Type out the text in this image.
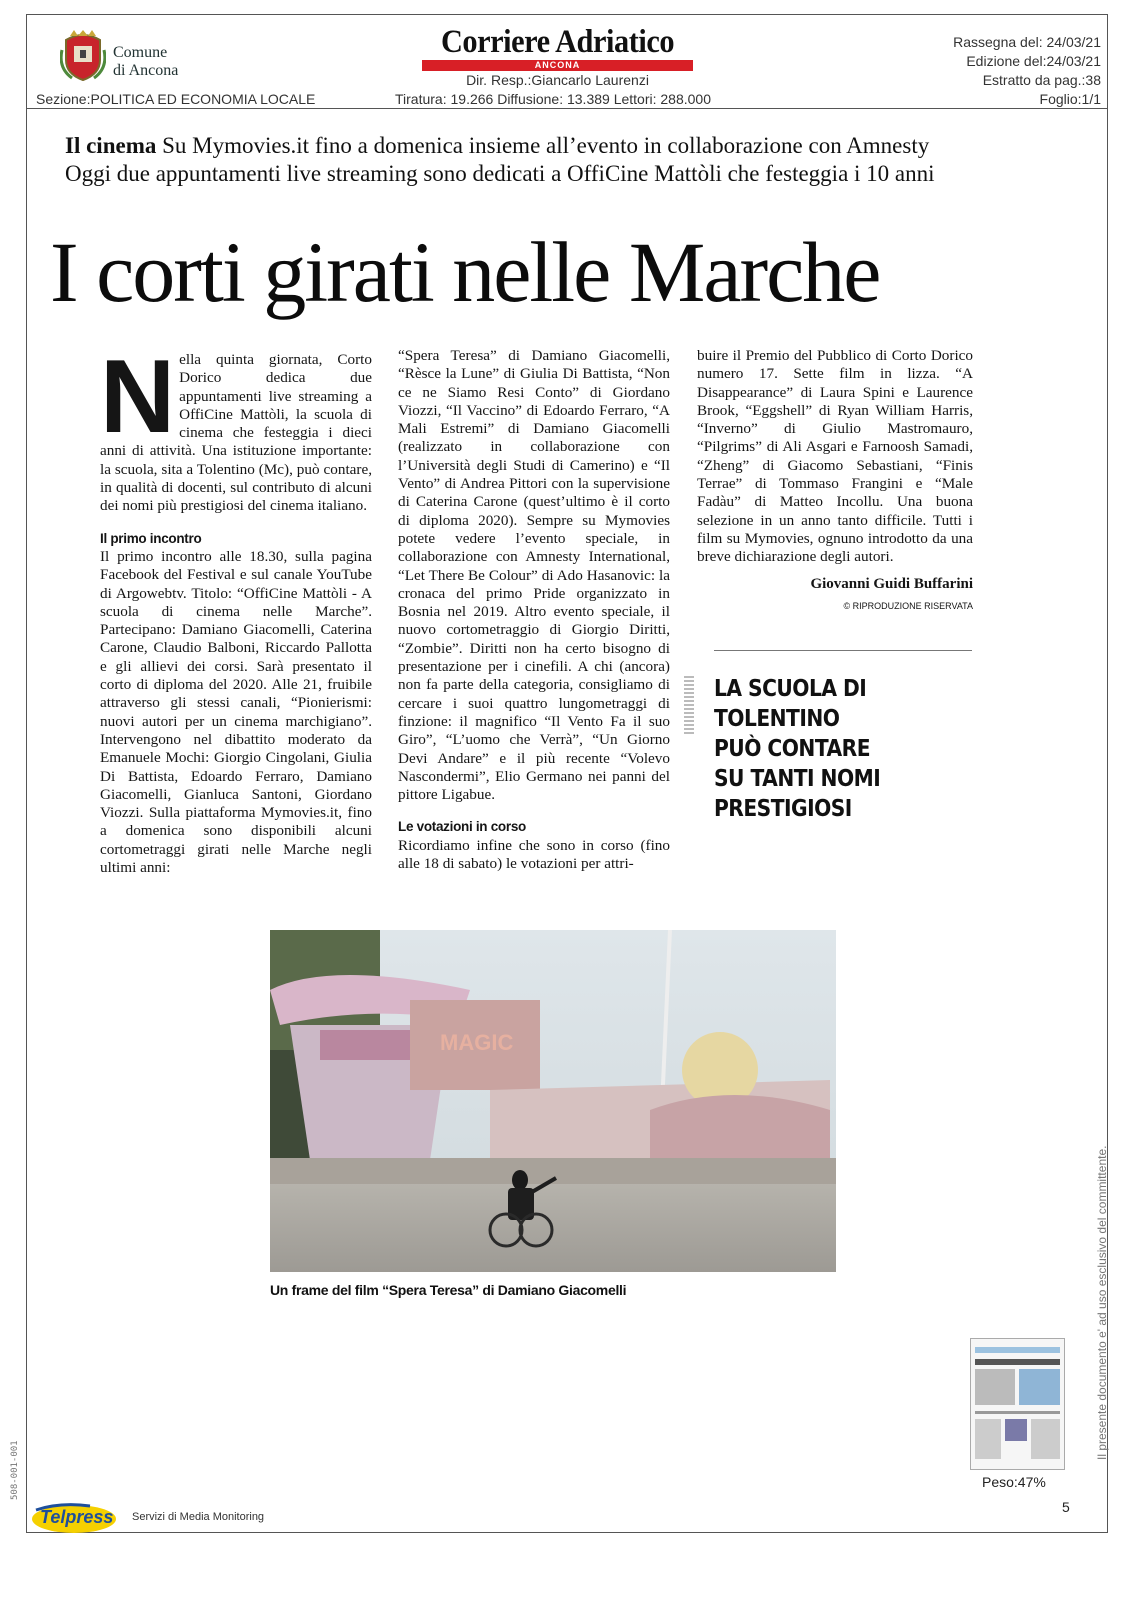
Comune
di Ancona
Sezione:POLITICA ED ECONOMIA LOCALE
Corriere Adriatico
ANCONA
Dir. Resp.:Giancarlo Laurenzi
Tiratura: 19.266 Diffusione: 13.389 Lettori: 288.000
Rassegna del: 24/03/21
Edizione del:24/03/21
Estratto da pag.:38
Foglio:1/1
Il cinema Su Mymovies.it fino a domenica insieme all’evento in collaborazione con Amnesty
Oggi due appuntamenti live streaming sono dedicati a OffiCine Mattòli che festeggia i 10 anni
I corti girati nelle Marche

Nella quinta giornata, Corto Dorico dedica due appuntamenti live streaming a OffiCine Mattòli, la scuola di cinema che festeggia i dieci anni di attività. Una istituzione importante: la scuola, sita a Tolentino (Mc), può contare, in qualità di docenti, sul contributo di alcuni dei nomi più prestigiosi del cinema italiano.

Il primo incontro

Il primo incontro alle 18.30, sulla pagina Facebook del Festival e sul canale YouTube di Argowebtv. Titolo: “OffiCine Mattòli - A scuola di cinema nelle Marche”. Partecipano: Damiano Giacomelli, Caterina Carone, Claudio Balboni, Riccardo Pallotta e gli allievi dei corsi. Sarà presentato il corto di diploma del 2020. Alle 21, fruibile attraverso gli stessi canali, “Pionierismi: nuovi autori per un cinema marchigiano”. Intervengono nel dibattito moderato da Emanuele Mochi: Giorgio Cingolani, Giulia Di Battista, Edoardo Ferraro, Damiano Giacomelli, Gianluca Santoni, Giordano Viozzi. Sulla piattaforma Mymovies.it, fino a domenica sono disponibili alcuni cortometraggi girati nelle Marche negli ultimi anni:

“Spera Teresa” di Damiano Giacomelli, “Rèsce la Lune” di Giulia Di Battista, “Non ce ne Siamo Resi Conto” di Giordano Viozzi, “Il Vaccino” di Edoardo Ferraro, “A Mali Estremi” di Damiano Giacomelli (realizzato in collaborazione con l’Università degli Studi di Camerino) e “Il Vento” di Andrea Pittori con la supervisione di Caterina Carone (quest’ultimo è il corto di diploma 2020). Sempre su Mymovies potete vedere l’evento speciale, in collaborazione con Amnesty International, “Let There Be Colour” di Ado Hasanovic: la cronaca del primo Pride organizzato in Bosnia nel 2019. Altro evento speciale, il nuovo cortometraggio di Giorgio Diritti, “Zombie”. Diritti non ha certo bisogno di presentazione per i cinefili. A chi (ancora) non fa parte della categoria, consigliamo di cercare i suoi quattro lungometraggi di finzione: il magnifico “Il Vento Fa il suo Giro”, “L’uomo che Verrà”, “Un Giorno Devi Andare” e il più recente “Volevo Nascondermi”, Elio Germano nei panni del pittore Ligabue.

Le votazioni in corso

Ricordiamo infine che sono in corso (fino alle 18 di sabato) le votazioni per attri-

buire il Premio del Pubblico di Corto Dorico numero 17. Sette film in lizza. “A Disappearance” di Laura Spini e Laurence Brook, “Eggshell” di Ryan William Harris, “Inverno” di Giulio Mastromauro, “Pilgrims” di Ali Asgari e Farnoosh Samadi, “Zheng” di Giacomo Sebastiani, “Finis Terrae” di Tommaso Frangini e “Male Fadàu” di Matteo Incollu. Una buona selezione in un anno tanto difficile. Tutti i film su Mymovies, ognuno introdotto da una breve dichiarazione degli autori.

Giovanni Guidi Buffarini
© RIPRODUZIONE RISERVATA
LA SCUOLA DI TOLENTINO
PUÒ CONTARE
SU TANTI NOMI PRESTIGIOSI
MAGIC
Un frame del film “Spera Teresa” di Damiano Giacomelli
Peso:47%
5
Telpress Servizi di Media Monitoring
Il presente documento e' ad uso esclusivo del committente.
508-001-001
